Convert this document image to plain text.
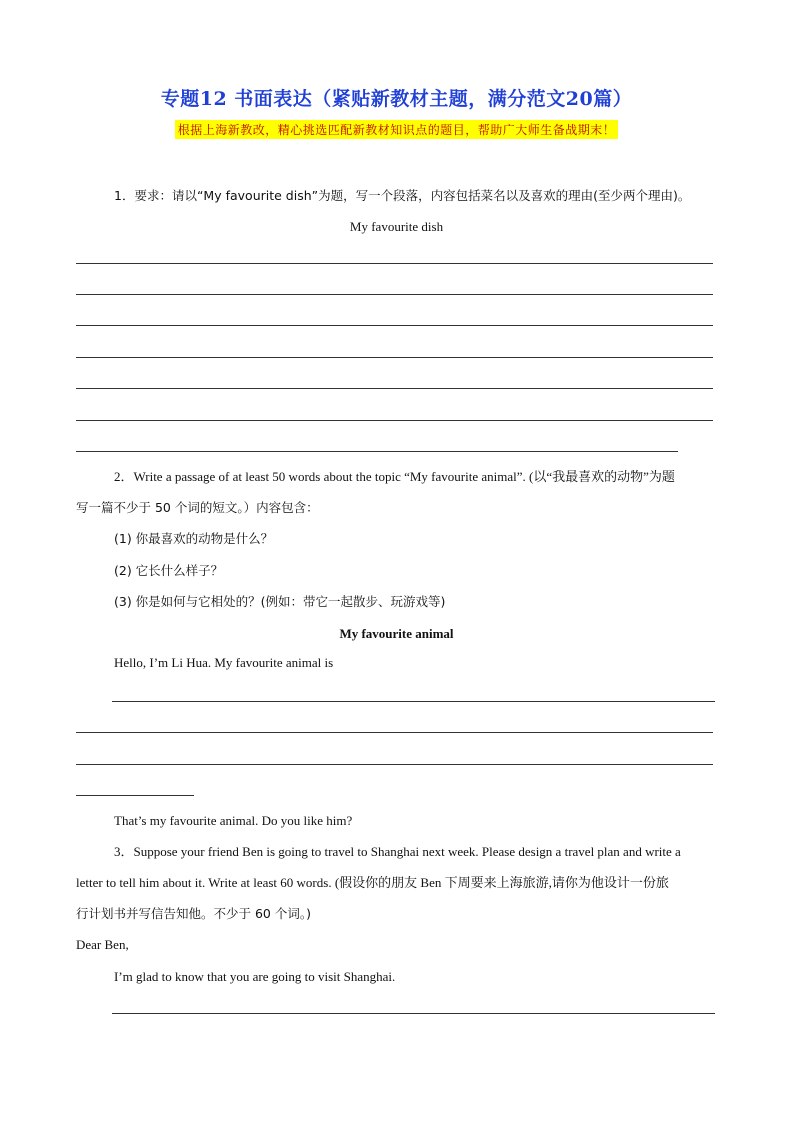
专题12 书面表达（紧贴新教材主题，满分范文20篇）
根据上海新教改，精心挑选匹配新教材知识点的题目，帮助广大师生备战期末！
1．要求：请以“My favourite dish”为题，写一个段落，内容包括菜名以及喜欢的理由(至少两个理由)。
My favourite dish
2．Write a passage of at least 50 words about the topic “My favourite animal”. (以“我最喜欢的动物”为题
写一篇不少于 50 个词的短文。）内容包含：
(1) 你最喜欢的动物是什么？
(2) 它长什么样子？
(3) 你是如何与它相处的？(例如：带它一起散步、玩游戏等)
My favourite animal
Hello, I’m Li Hua. My favourite animal is
That’s my favourite animal. Do you like him?
3．Suppose your friend Ben is going to travel to Shanghai next week. Please design a travel plan and write a
letter to tell him about it. Write at least 60 words. (假设你的朋友 Ben 下周要来上海旅游,请你为他设计一份旅
行计划书并写信告知他。不少于 60 个词。)
Dear Ben,
I’m glad to know that you are going to visit Shanghai.
